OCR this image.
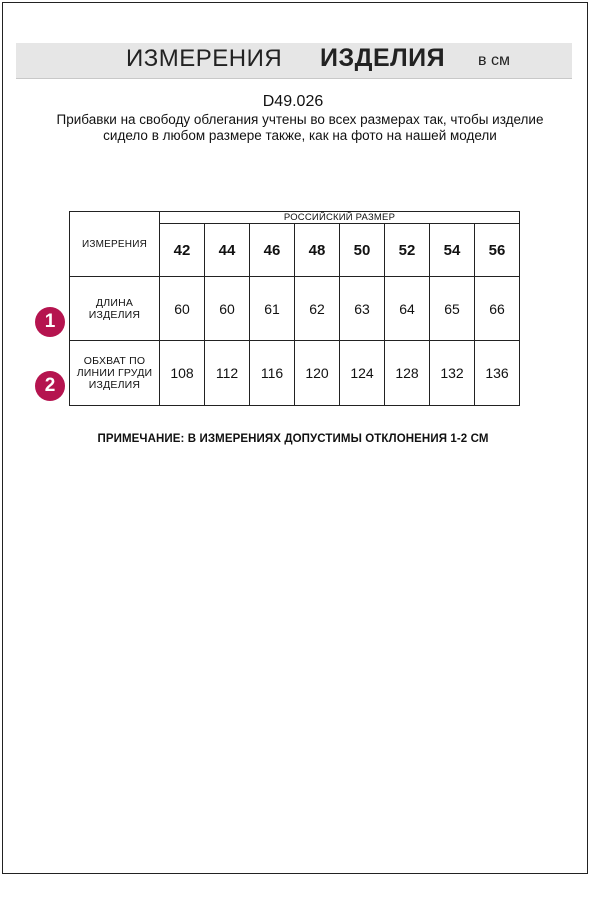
ИЗМЕРЕНИЯ ИЗДЕЛИЯ в см
D49.026
Прибавки на свободу облегания учтены во всех размерах так, чтобы изделие сидело в любом размере также, как на фото на нашей модели
ИЗМЕРЕНИЯ	РОССИЙСКИЙ РАЗМЕР							
	42	44	46	48	50	52	54	56

ДЛИНА
ИЗДЕЛИЯ	60	60	61	62	63	64	65	66

ОБХВАТ ПО
ЛИНИИ ГРУДИ
ИЗДЕЛИЯ	108	112	116	120	124	128	132	136
1
2
ПРИМЕЧАНИЕ: В ИЗМЕРЕНИЯХ ДОПУСТИМЫ ОТКЛОНЕНИЯ 1-2 СМ
